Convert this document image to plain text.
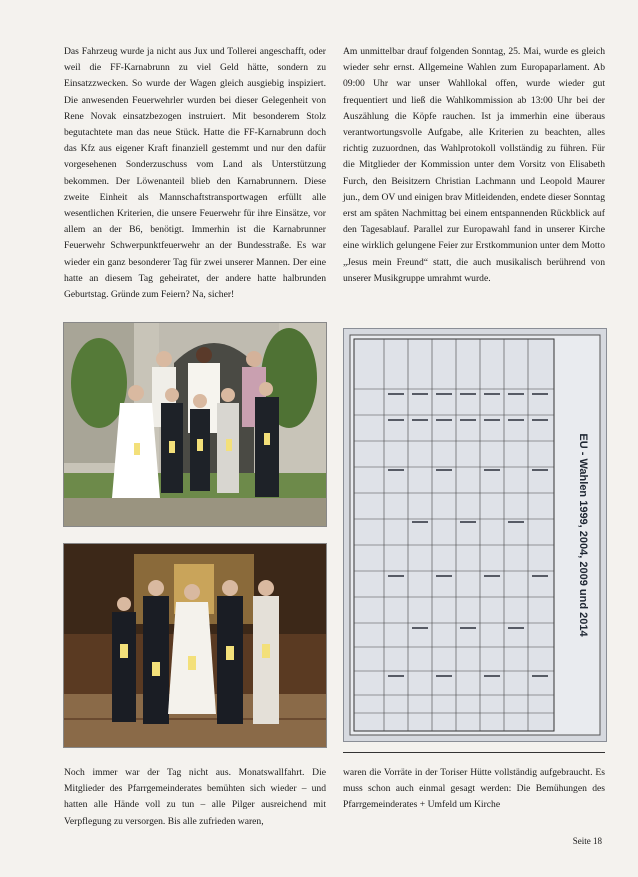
Das Fahrzeug wurde ja nicht aus Jux und Tollerei angeschafft, oder weil die FF-Karnabrunn zu viel Geld hätte, sondern zu Einsatzzwecken. So wurde der Wagen gleich ausgiebig inspiziert. Die anwesenden Feuerwehrler wurden bei dieser Gelegenheit von Rene Novak einsatzbezogen instruiert. Mit besonderem Stolz begutachtete man das neue Stück. Hatte die FF-Karnabrunn doch das Kfz aus eigener Kraft finanziell gestemmt und nur den dafür vorgesehenen Sonderzuschuss vom Land als Unterstützung bekommen. Der Löwenanteil blieb den Karnabrunnern. Diese zweite Einheit als Mannschaftstransportwagen erfüllt alle wesentlichen Kriterien, die unsere Feuerwehr für ihre Einsätze, vor allem an der B6, benötigt. Immerhin ist die Karnabrunner Feuerwehr Schwerpunktfeuerwehr an der Bundesstraße. Es war wieder ein ganz besonderer Tag für zwei unserer Mannen. Der eine hatte an diesem Tag geheiratet, der andere hatte halbrunden Geburtstag. Gründe zum Feiern? Na, sicher!
Am unmittelbar drauf folgenden Sonntag, 25. Mai, wurde es gleich wieder sehr ernst. Allgemeine Wahlen zum Europaparlament. Ab 09:00 Uhr war unser Wahllokal offen, wurde wieder gut frequentiert und ließ die Wahlkommission ab 13:00 Uhr bei der Auszählung die Köpfe rauchen. Ist ja immerhin eine überaus verantwortungsvolle Aufgabe, alle Kriterien zu beachten, alles richtig zuzuordnen, das Wahlprotokoll vollständig zu führen. Für die Mitglieder der Kommission unter dem Vorsitz von Elisabeth Furch, den Beisitzern Christian Lachmann und Leopold Maurer jun., dem OV und einigen brav Mitleidenden, endete dieser Sonntag erst am späten Nachmittag bei einem entspannenden Rückblick auf den Tagesablauf. Parallel zur Europawahl fand in unserer Kirche eine wirklich gelungene Feier zur Erstkommunion unter dem Motto „Jesus mein Freund“ statt, die auch musikalisch berührend von unserer Musikgruppe umrahmt wurde.
EU - Wahlen 1999, 2004, 2009 und 2014
Noch immer war der Tag nicht aus. Monatswallfahrt. Die Mitglieder des Pfarrgemeinderates bemühten sich wieder – und hatten alle Hände voll zu tun – alle Pilger ausreichend mit Verpflegung zu versorgen. Bis alle zufrieden waren,
waren die Vorräte in der Toriser Hütte vollständig aufgebraucht. Es muss schon auch einmal gesagt werden: Die Bemühungen des Pfarrgemeinderates + Umfeld um Kirche
Seite 18
